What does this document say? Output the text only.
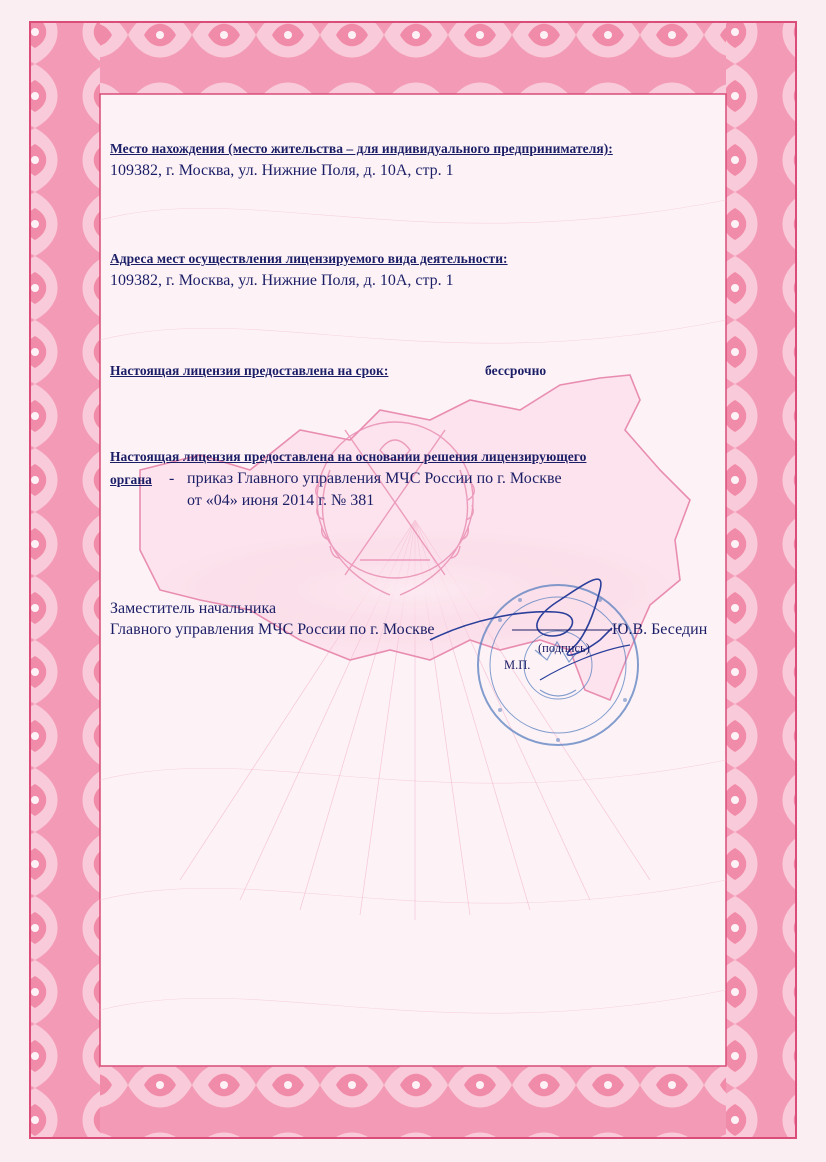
Место нахождения (место жительства – для индивидуального предпринимателя):
109382, г. Москва, ул. Нижние Поля, д. 10А, стр. 1
Адреса мест осуществления лицензируемого вида деятельности:
109382, г. Москва, ул. Нижние Поля, д. 10А, стр. 1
Настоящая лицензия предоставлена на срок:	бессрочно
Настоящая лицензия предоставлена на основании решения лицензирующего
органа - приказ Главного управления МЧС России по г. Москве
от «04» июня 2014 г. № 381
Заместитель начальника
Главного управления МЧС России по г. Москве	Ю.В. Беседин
(подпись)
М.П.
